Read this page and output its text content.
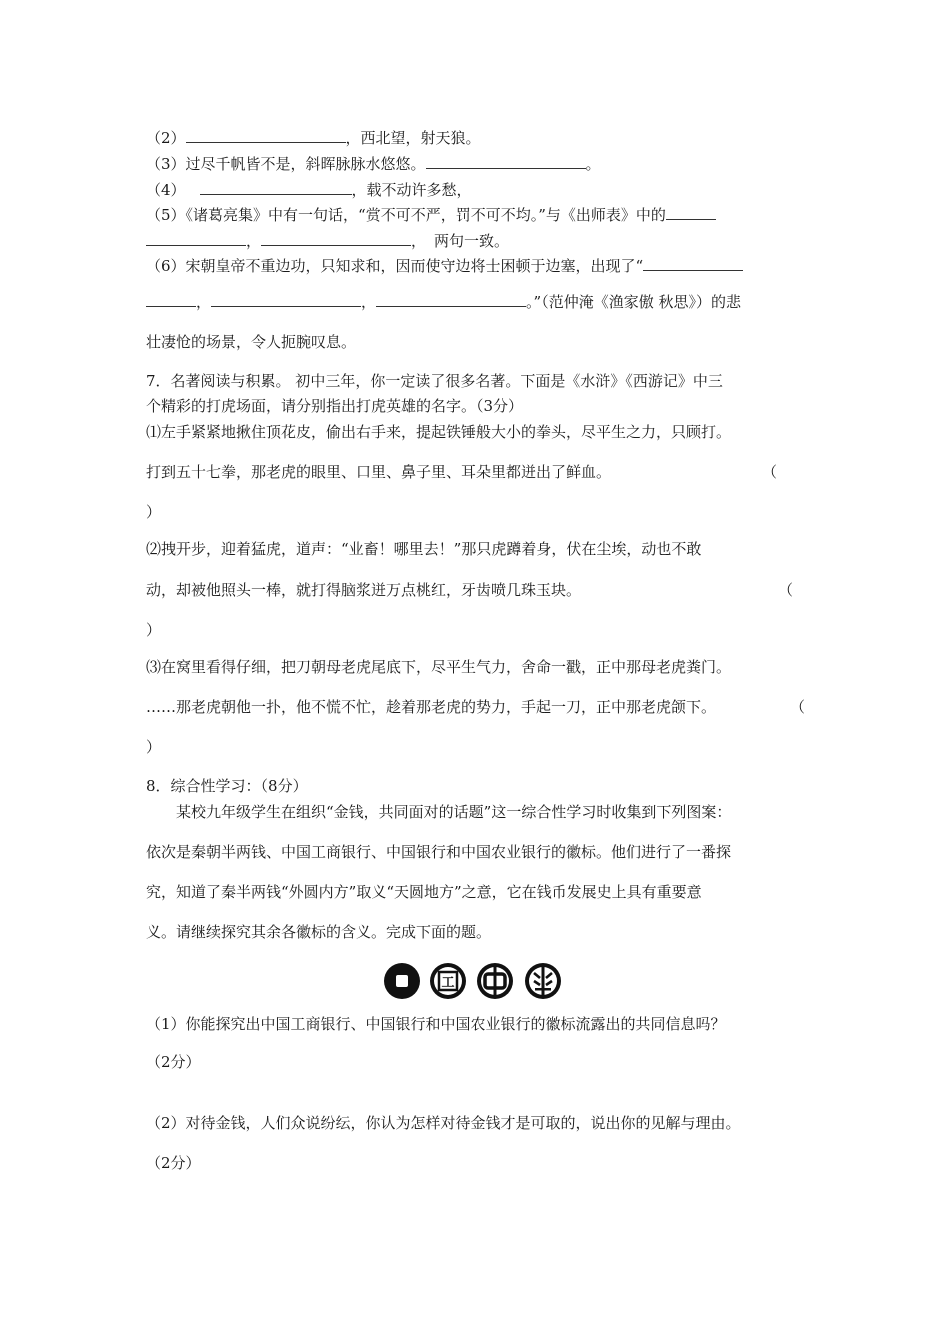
（2）	，西北望，射天狼。
（3）过尽千帆皆不是，斜晖脉脉水悠悠。	。
（4）	，载不动许多愁，
（5）《诸葛亮集》中有一句话，“赏不可不严，罚不可不均。”与《出师表》中的
，	， 两句一致。
（6）宋朝皇帝不重边功，只知求和，因而使守边将士困顿于边塞，出现了“
，	，	。”（范仲淹《渔家傲 秋思》）的悲
壮凄怆的场景，令人扼腕叹息。
7．名著阅读与积累。 初中三年，你一定读了很多名著。下面是《水浒》《西游记》中三
个精彩的打虎场面，请分别指出打虎英雄的名字。（3分）
⑴左手紧紧地揪住顶花皮，偷出右手来，提起铁锤般大小的拳头，尽平生之力，只顾打。
打到五十七拳，那老虎的眼里、口里、鼻子里、耳朵里都迸出了鲜血。	（
）
⑵拽开步，迎着猛虎，道声：“业畜！哪里去！”那只虎蹲着身，伏在尘埃，动也不敢
动，却被他照头一棒，就打得脑浆迸万点桃红，牙齿喷几珠玉块。	（
）
⑶在窝里看得仔细，把刀朝母老虎尾底下，尽平生气力，舍命一戳，正中那母老虎粪门。
……那老虎朝他一扑，他不慌不忙，趁着那老虎的势力，手起一刀，正中那老虎颌下。	（
）
8．综合性学习：（8分）
某校九年级学生在组织“金钱，共同面对的话题”这一综合性学习时收集到下列图案：
依次是秦朝半两钱、中国工商银行、中国银行和中国农业银行的徽标。他们进行了一番探
究，知道了秦半两钱“外圆内方”取义“天圆地方”之意，它在钱币发展史上具有重要意
义。请继续探究其余各徽标的含义。完成下面的题。
工
（1）你能探究出中国工商银行、中国银行和中国农业银行的徽标流露出的共同信息吗？
（2分）
（2）对待金钱，人们众说纷纭，你认为怎样对待金钱才是可取的，说出你的见解与理由。
（2分）
